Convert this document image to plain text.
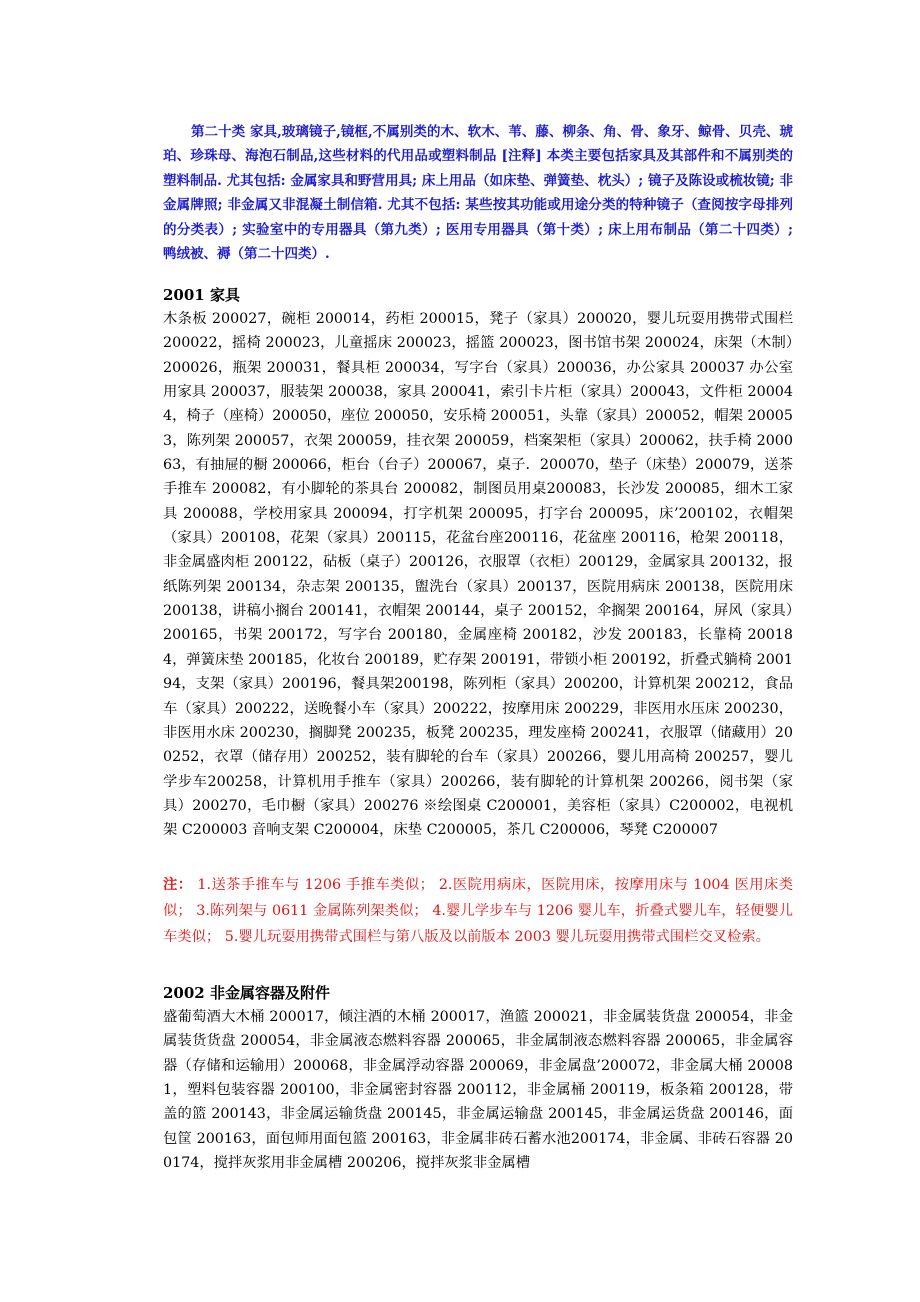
第二十类 家具,玻璃镜子,镜框,不属别类的木、软木、苇、藤、柳条、角、骨、象牙、鲸骨、贝壳、琥珀、珍珠母、海泡石制品,这些材料的代用品或塑料制品 [注释] 本类主要包括家具及其部件和不属别类的塑料制品. 尤其包括: 金属家具和野营用具; 床上用品（如床垫、弹簧垫、枕头）; 镜子及陈设或梳妆镜; 非金属牌照; 非金属又非混凝土制信箱. 尤其不包括: 某些按其功能或用途分类的特种镜子（查阅按字母排列的分类表）; 实验室中的专用器具（第九类）; 医用专用器具（第十类）; 床上用布制品（第二十四类）; 鸭绒被、褥（第二十四类）.

2001 家具

木条板 200027，碗柜 200014，药柜 200015，凳子（家具）200020，婴儿玩耍用携带式围栏 200022，摇椅 200023，儿童摇床 200023，摇篮 200023，图书馆书架 200024，床架（木制）200026，瓶架 200031，餐具柜 200034，写字台（家具）200036，办公家具 200037 办公室用家具 200037，服装架 200038，家具 200041，索引卡片柜（家具）200043，文件柜 200044，椅子（座椅）200050，座位 200050，安乐椅 200051，头靠（家具）200052，帽架 200053，陈列架 200057，衣架 200059，挂衣架 200059，档案架柜（家具）200062，扶手椅 200063，有抽屉的橱 200066，柜台（台子）200067，桌子．200070，垫子（床垫）200079，送茶手推车 200082，有小脚轮的茶具台 200082，制图员用桌200083，长沙发 200085，细木工家具 200088，学校用家具 200094，打字机架 200095，打字台 200095，床’200102，衣帽架（家具）200108，花架（家具）200115，花盆台座200116，花盆座 200116，枪架 200118，非金属盛肉柜 200122，砧板（桌子）200126，衣服罩（衣柜）200129，金属家具 200132，报纸陈列架 200134，杂志架 200135，盥洗台（家具）200137，医院用病床 200138，医院用床 200138，讲稿小搁台 200141，衣帽架 200144，桌子 200152，伞搁架 200164，屏风（家具）200165，书架 200172，写字台 200180，金属座椅 200182，沙发 200183，长靠椅 200184，弹簧床垫 200185，化妆台 200189，贮存架 200191，带锁小柜 200192，折叠式躺椅 200194，支架（家具）200196，餐具架200198，陈列柜（家具）200200，计算机架 200212，食品车（家具）200222，送晚餐小车（家具）200222，按摩用床 200229，非医用水压床 200230，非医用水床 200230，搁脚凳 200235，板凳 200235，理发座椅 200241，衣服罩（储藏用）200252，衣罩（储存用）200252，装有脚轮的台车（家具）200266，婴儿用高椅 200257，婴儿学步车200258，计算机用手推车（家具）200266，装有脚轮的计算机架 200266，阅书架（家具）200270，毛巾橱（家具）200276 ※绘图桌 C200001，美容柜（家具）C200002，电视机架 C200003 音响支架 C200004，床垫 C200005，茶几 C200006，琴凳 C200007

注： 1.送茶手推车与 1206 手推车类似； 2.医院用病床，医院用床，按摩用床与 1004 医用床类似； 3.陈列架与 0611 金属陈列架类似； 4.婴儿学步车与 1206 婴儿车，折叠式婴儿车，轻便婴儿车类似； 5.婴儿玩耍用携带式围栏与第八版及以前版本 2003 婴儿玩耍用携带式围栏交叉检索。

2002 非金属容器及附件

盛葡萄酒大木桶 200017，倾注酒的木桶 200017，渔篮 200021，非金属装货盘 200054，非金属装货货盘 200054，非金属液态燃料容器 200065，非金属制液态燃料容器 200065，非金属容器（存储和运输用）200068，非金属浮动容器 200069，非金属盘’200072，非金属大桶 200081，塑料包装容器 200100，非金属密封容器 200112，非金属桶 200119，板条箱 200128，带盖的篮 200143，非金属运输货盘 200145，非金属运输盘 200145，非金属运货盘 200146，面包筐 200163，面包师用面包篮 200163，非金属非砖石蓄水池200174，非金属、非砖石容器 200174，搅拌灰浆用非金属槽 200206，搅拌灰浆非金属槽
